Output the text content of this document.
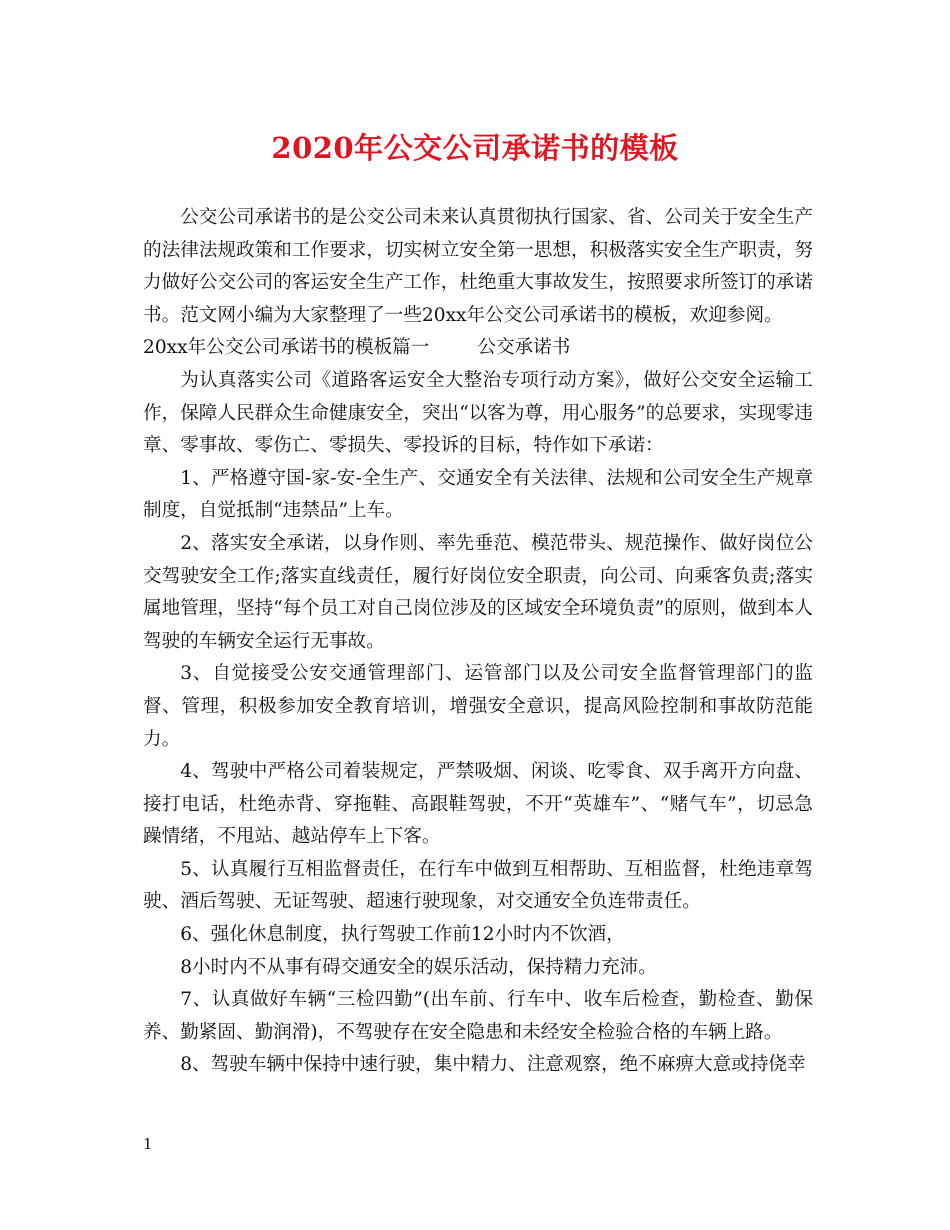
2020年公交公司承诺书的模板

公交公司承诺书的是公交公司未来认真贯彻执行国家、省、公司关于安全生产的法律法规政策和工作要求，切实树立安全第一思想，积极落实安全生产职责，努力做好公交公司的客运安全生产工作，杜绝重大事故发生，按照要求所签订的承诺书。范文网小编为大家整理了一些20xx年公交公司承诺书的模板，欢迎参阅。

20xx年公交公司承诺书的模板篇一	公交承诺书

为认真落实公司《道路客运安全大整治专项行动方案》，做好公交安全运输工作，保障人民群众生命健康安全，突出“以客为尊，用心服务”的总要求，实现零违章、零事故、零伤亡、零损失、零投诉的目标，特作如下承诺：

1、严格遵守国-家-安-全生产、交通安全有关法律、法规和公司安全生产规章制度，自觉抵制“违禁品”上车。

2、落实安全承诺，以身作则、率先垂范、模范带头、规范操作、做好岗位公交驾驶安全工作;落实直线责任，履行好岗位安全职责，向公司、向乘客负责;落实属地管理，坚持“每个员工对自己岗位涉及的区域安全环境负责”的原则，做到本人驾驶的车辆安全运行无事故。

3、自觉接受公安交通管理部门、运管部门以及公司安全监督管理部门的监督、管理，积极参加安全教育培训，增强安全意识，提高风险控制和事故防范能力。

4、驾驶中严格公司着装规定，严禁吸烟、闲谈、吃零食、双手离开方向盘、接打电话，杜绝赤背、穿拖鞋、高跟鞋驾驶，不开“英雄车”、“赌气车”，切忌急躁情绪，不甩站、越站停车上下客。

5、认真履行互相监督责任，在行车中做到互相帮助、互相监督，杜绝违章驾驶、酒后驾驶、无证驾驶、超速行驶现象，对交通安全负连带责任。

6、强化休息制度，执行驾驶工作前12小时内不饮酒，

8小时内不从事有碍交通安全的娱乐活动，保持精力充沛。

7、认真做好车辆“三检四勤”(出车前、行车中、收车后检查，勤检查、勤保养、勤紧固、勤润滑)，不驾驶存在安全隐患和未经安全检验合格的车辆上路。

8、驾驶车辆中保持中速行驶，集中精力、注意观察，绝不麻痹大意或持侥幸

1
